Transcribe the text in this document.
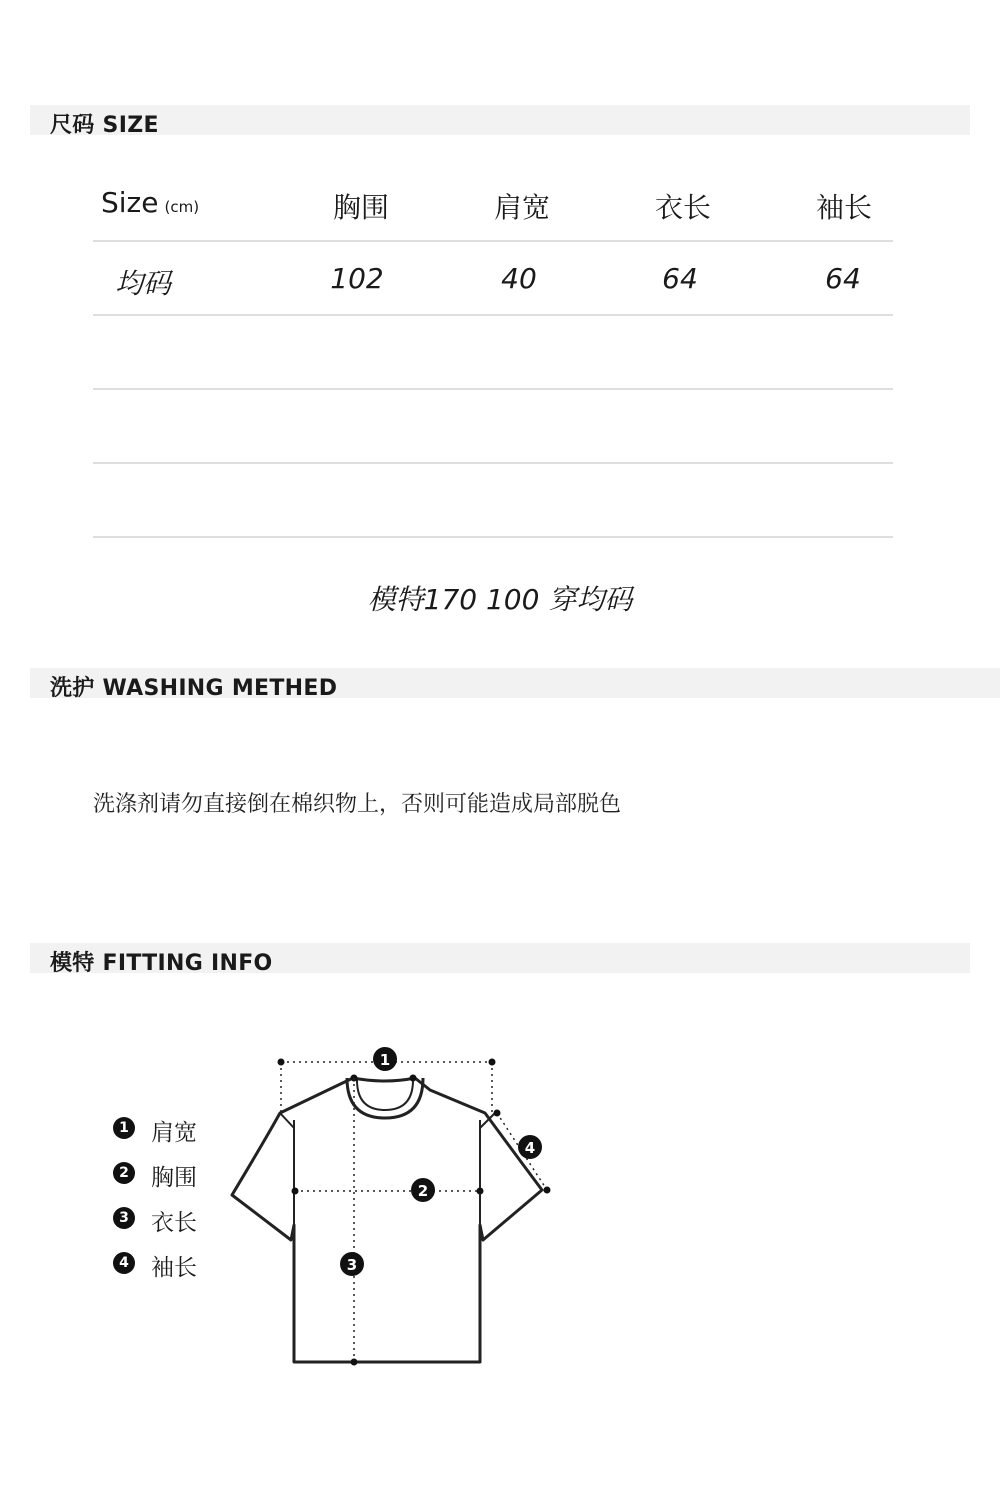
尺码 SIZE
Size (cm)	胸围	肩宽	衣长	袖长
均码	102	40	64	64
模特170 100 穿均码
洗护 WASHING METHED
洗涤剂请勿直接倒在棉织物上，否则可能造成局部脱色
模特 FITTING INFO
1 肩宽
2 胸围
3 衣长
4 袖长
1
2
3
4
